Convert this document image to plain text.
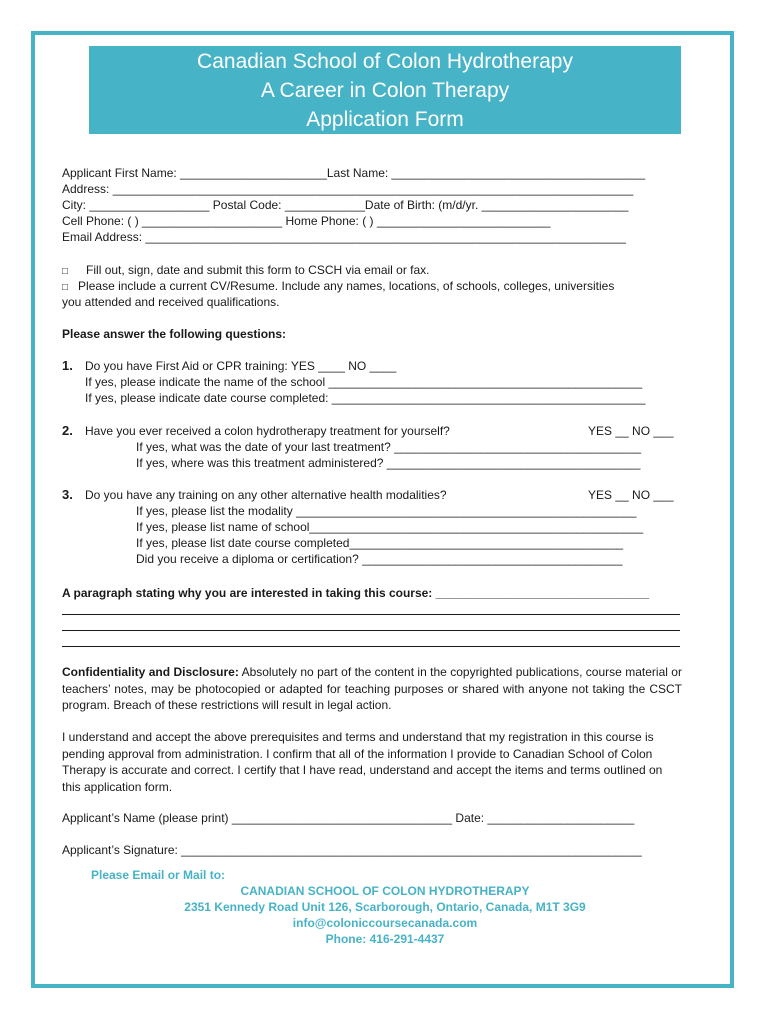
Canadian School of Colon Hydrotherapy
A Career in Colon Therapy
Application Form
Applicant First Name: ______________________Last Name: ______________________________________
Address: ______________________________________________________________________________
City: __________________ Postal Code: ____________Date of Birth: (m/d/yr. ______________________
Cell Phone: ( ) _____________________ Home Phone: ( ) __________________________
Email Address: ________________________________________________________________________
□ Fill out, sign, date and submit this form to CSCH via email or fax.
□ Please include a current CV/Resume. Include any names, locations, of schools, colleges, universities
you attended and received qualifications.
Please answer the following questions:
1. Do you have First Aid or CPR training: YES ____ NO ____
If yes, please indicate the name of the school _______________________________________________
If yes, please indicate date course completed: _______________________________________________
2. Have you ever received a colon hydrotherapy treatment for yourself?	YES __ NO ___
If yes, what was the date of your last treatment? _____________________________________
If yes, where was this treatment administered? ______________________________________
3. Do you have any training on any other alternative health modalities?	YES __ NO ___
If yes, please list the modality ___________________________________________________
If yes, please list name of school__________________________________________________
If yes, please list date course completed_________________________________________
Did you receive a diploma or certification? _______________________________________
A paragraph stating why you are interested in taking this course: ________________________________
Confidentiality and Disclosure: Absolutely no part of the content in the copyrighted publications, course material or teachers’ notes, may be photocopied or adapted for teaching purposes or shared with anyone not taking the CSCT program. Breach of these restrictions will result in legal action.
I understand and accept the above prerequisites and terms and understand that my registration in this course is pending approval from administration. I confirm that all of the information I provide to Canadian School of Colon Therapy is accurate and correct. I certify that I have read, understand and accept the items and terms outlined on this application form.
Applicant’s Name (please print) _________________________________ Date: ______________________
Applicant’s Signature: _____________________________________________________________________
Please Email or Mail to:
CANADIAN SCHOOL OF COLON HYDROTHERAPY
2351 Kennedy Road Unit 126, Scarborough, Ontario, Canada, M1T 3G9
info@coloniccoursecanada.com
Phone: 416-291-4437
